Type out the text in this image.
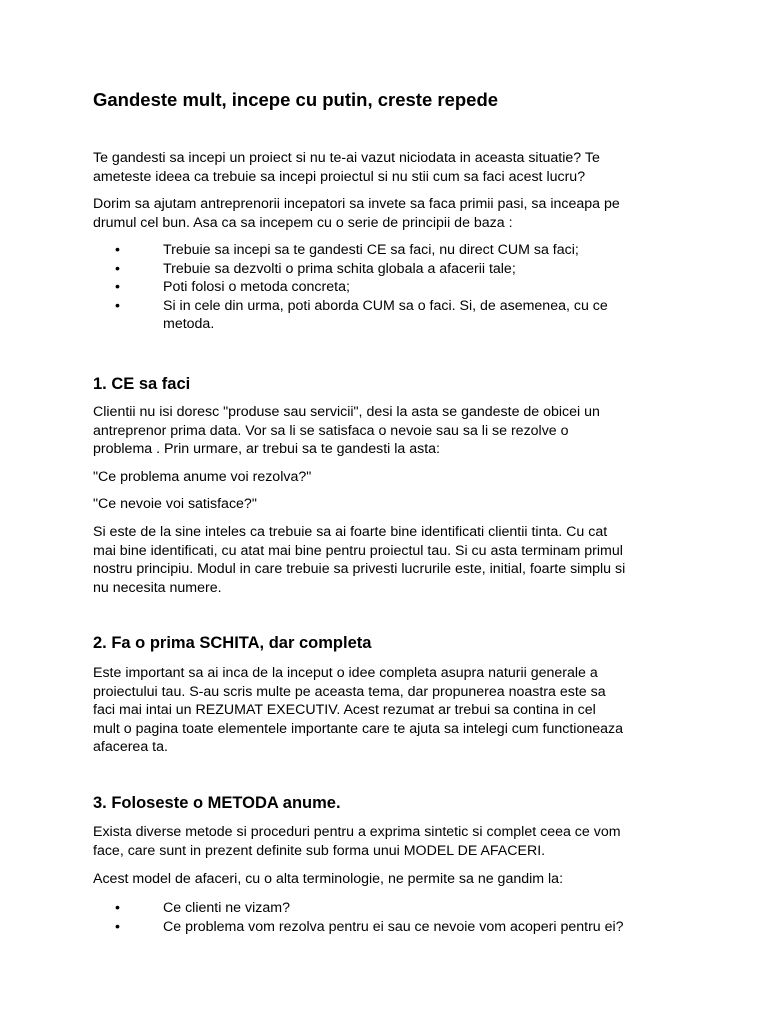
Gandeste mult, incepe cu putin, creste repede

Te gandesti sa incepi un proiect si nu te-ai vazut niciodata in aceasta situatie? Te
ameteste ideea ca trebuie sa incepi proiectul si nu stii cum sa faci acest lucru?

Dorim sa ajutam antreprenorii incepatori sa invete sa faca primii pasi, sa inceapa pe
drumul cel bun. Asa ca sa incepem cu o serie de principii de baza :

•	Trebuie sa incepi sa te gandesti CE sa faci, nu direct CUM sa faci;
•	Trebuie sa dezvolti o prima schita globala a afacerii tale;
•	Poti folosi o metoda concreta;
•	Si in cele din urma, poti aborda CUM sa o faci. Si, de asemenea, cu ce
metoda.
1. CE sa faci

Clientii nu isi doresc "produse sau servicii", desi la asta se gandeste de obicei un
antreprenor prima data. Vor sa li se satisfaca o nevoie sau sa li se rezolve o
problema . Prin urmare, ar trebui sa te gandesti la asta:

"Ce problema anume voi rezolva?"

"Ce nevoie voi satisface?"

Si este de la sine inteles ca trebuie sa ai foarte bine identificati clientii tinta. Cu cat
mai bine identificati, cu atat mai bine pentru proiectul tau. Si cu asta terminam primul
nostru principiu. Modul in care trebuie sa privesti lucrurile este, initial, foarte simplu si
nu necesita numere.

2. Fa o prima SCHITA, dar completa

Este important sa ai inca de la inceput o idee completa asupra naturii generale a
proiectului tau. S-au scris multe pe aceasta tema, dar propunerea noastra este sa
faci mai intai un REZUMAT EXECUTIV. Acest rezumat ar trebui sa contina in cel
mult o pagina toate elementele importante care te ajuta sa intelegi cum functioneaza
afacerea ta.

3. Foloseste o METODA anume.

Exista diverse metode si proceduri pentru a exprima sintetic si complet ceea ce vom
face, care sunt in prezent definite sub forma unui MODEL DE AFACERI.

Acest model de afaceri, cu o alta terminologie, ne permite sa ne gandim la:

•	Ce clienti ne vizam?
•	Ce problema vom rezolva pentru ei sau ce nevoie vom acoperi pentru ei?
